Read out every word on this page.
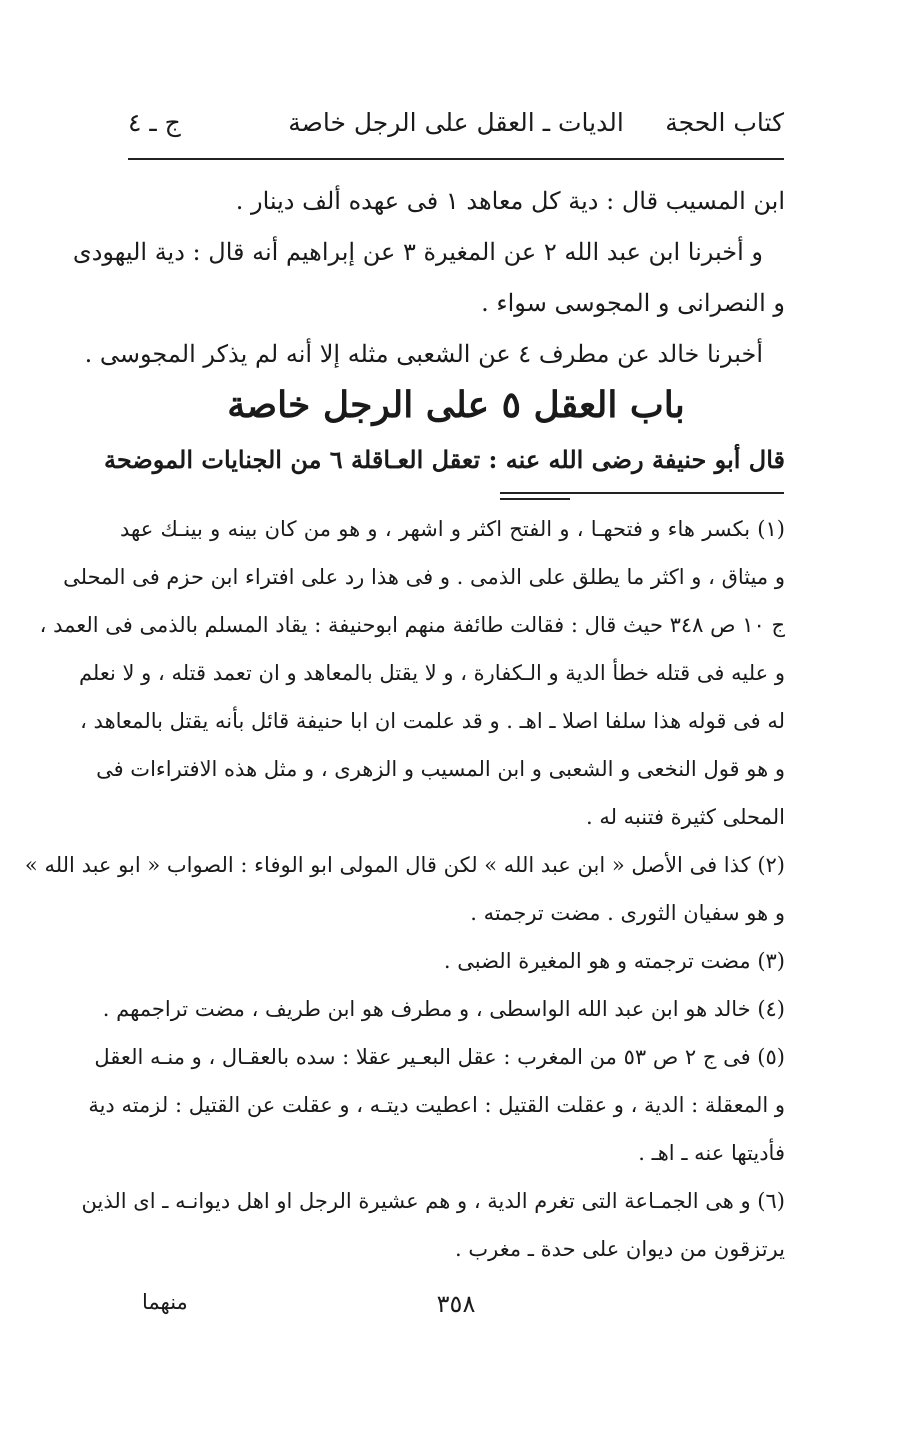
كتاب الحجة
الديات ـ العقل على الرجل خاصة
ج ـ ٤
ابن المسيب قال : دية كل معاهد ١ فى عهده ألف دينار .
و أخبرنا ابن عبد الله ٢ عن المغيرة ٣ عن إبراهيم أنه قال : دية اليهودى
و النصرانى و المجوسى سواء .
أخبرنا خالد عن مطرف ٤ عن الشعبى مثله إلا أنه لم يذكر المجوسى .
باب العقل ٥ على الرجل خاصة
قال أبو حنيفة رضى الله عنه : تعقل العـاقلة ٦ من الجنايات الموضحة
(١) بكسر هاء و فتحهـا ، و الفتح اكثر و اشهر ، و هو من كان بينه و بينـك عهد
و ميثاق ، و اكثر ما يطلق على الذمى . و فى هذا رد على افتراء ابن حزم فى المحلى
ج ١٠ ص ٣٤٨ حيث قال : فقالت طائفة منهم ابوحنيفة : يقاد المسلم بالذمى فى العمد ،
و عليه فى قتله خطأ الدية و الـكفارة ، و لا يقتل بالمعاهد و ان تعمد قتله ، و لا نعلم
له فى قوله هذا سلفا اصلا ـ اهـ . و قد علمت ان ابا حنيفة قائل بأنه يقتل بالمعاهد ،
و هو قول النخعى و الشعبى و ابن المسيب و الزهرى ، و مثل هذه الافتراءات فى
المحلى كثيرة فتنبه له .
(٢) كذا فى الأصل « ابن عبد الله » لكن قال المولى ابو الوفاء : الصواب « ابو عبد الله »
و هو سفيان الثورى . مضت ترجمته .
(٣) مضت ترجمته و هو المغيرة الضبى .
(٤) خالد هو ابن عبد الله الواسطى ، و مطرف هو ابن طريف ، مضت تراجمهم .
(٥) فى ج ٢ ص ٥٣ من المغرب : عقل البعـير عقلا : سده بالعقـال ، و منـه العقل
و المعقلة : الدية ، و عقلت القتيل : اعطيت ديتـه ، و عقلت عن القتيل : لزمته دية
فأديتها عنه ـ اهـ .
(٦) و هى الجمـاعة التى تغرم الدية ، و هم عشيرة الرجل او اهل ديوانـه ـ اى الذين
يرتزقون من ديوان على حدة ـ مغرب .
٣٥٨
منهما
